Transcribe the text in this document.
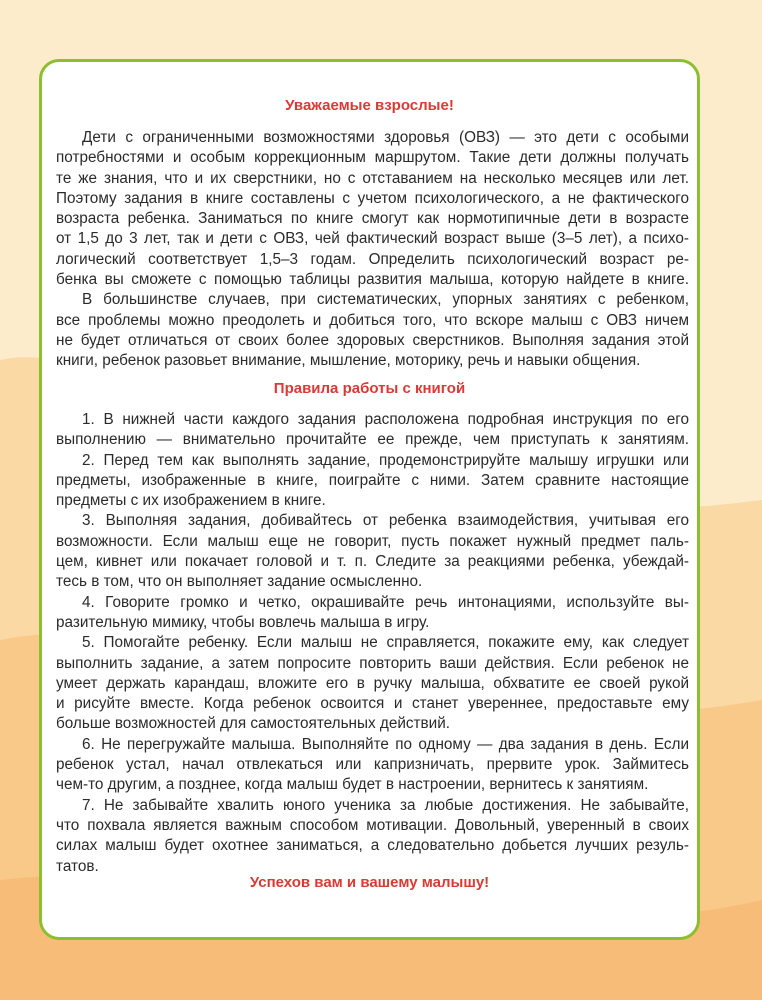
Уважаемые взрослые!
Дети с ограниченными возможностями здоровья (ОВЗ) — это дети с особыми
потребностями и особым коррекционным маршрутом. Такие дети должны получать
те же знания, что и их сверстники, но с отставанием на несколько месяцев или лет.
Поэтому задания в книге составлены с учетом психологического, а не фактического
возраста ребенка. Заниматься по книге смогут как нормотипичные дети в возрасте
от 1,5 до 3 лет, так и дети с ОВЗ, чей фактический возраст выше (3–5 лет), а психо-
логический соответствует 1,5–3 годам. Определить психологический возраст ре-
бенка вы сможете с помощью таблицы развития малыша, которую найдете в книге.
В большинстве случаев, при систематических, упорных занятиях с ребенком,
все проблемы можно преодолеть и добиться того, что вскоре малыш с ОВЗ ничем
не будет отличаться от своих более здоровых сверстников. Выполняя задания этой
книги, ребенок разовьет внимание, мышление, моторику, речь и навыки общения.
Правила работы с книгой
1. В нижней части каждого задания расположена подробная инструкция по его
выполнению — внимательно прочитайте ее прежде, чем приступать к занятиям.
2. Перед тем как выполнять задание, продемонстрируйте малышу игрушки или
предметы, изображенные в книге, поиграйте с ними. Затем сравните настоящие
предметы с их изображением в книге.
3. Выполняя задания, добивайтесь от ребенка взаимодействия, учитывая его
возможности. Если малыш еще не говорит, пусть покажет нужный предмет паль-
цем, кивнет или покачает головой и т. п. Следите за реакциями ребенка, убеждай-
тесь в том, что он выполняет задание осмысленно.
4. Говорите громко и четко, окрашивайте речь интонациями, используйте вы-
разительную мимику, чтобы вовлечь малыша в игру.
5. Помогайте ребенку. Если малыш не справляется, покажите ему, как следует
выполнить задание, а затем попросите повторить ваши действия. Если ребенок не
умеет держать карандаш, вложите его в ручку малыша, обхватите ее своей рукой
и рисуйте вместе. Когда ребенок освоится и станет увереннее, предоставьте ему
больше возможностей для самостоятельных действий.
6. Не перегружайте малыша. Выполняйте по одному — два задания в день. Если
ребенок устал, начал отвлекаться или капризничать, прервите урок. Займитесь
чем-то другим, а позднее, когда малыш будет в настроении, вернитесь к занятиям.
7. Не забывайте хвалить юного ученика за любые достижения. Не забывайте,
что похвала является важным способом мотивации. Довольный, уверенный в своих
силах малыш будет охотнее заниматься, а следовательно добьется лучших резуль-
татов.
Успехов вам и вашему малышу!
